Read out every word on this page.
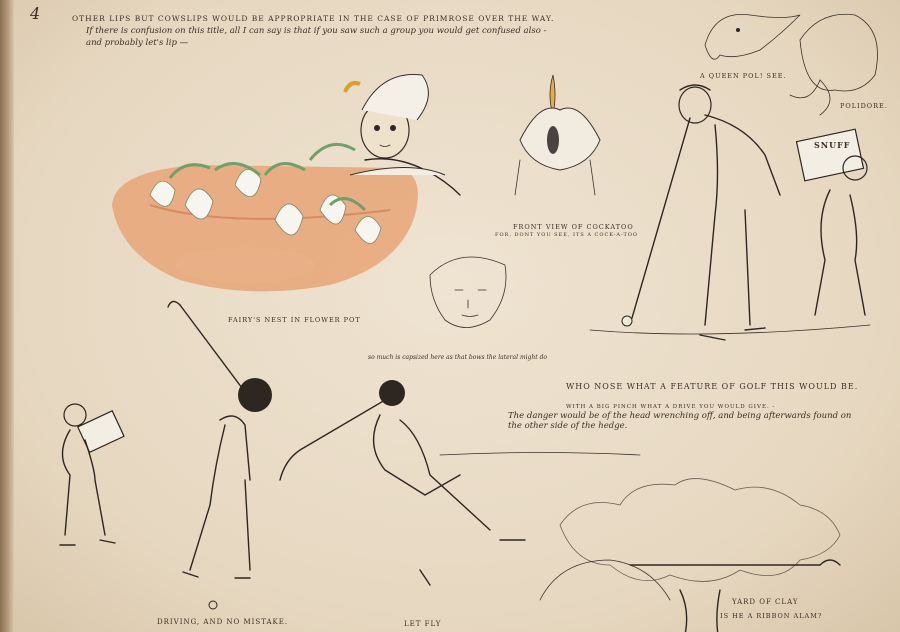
4	OTHER LIPS BUT COWSLIPS WOULD BE APPROPRIATE IN THE CASE OF PRIMROSE OVER THE WAY.
If there is confusion on this title, all I can say is that if you saw such a group you would get confused also -
and probably let's lip —
FAIRY'S NEST IN FLOWER POT
FRONT VIEW OF COCKATOO
FOR, DONT YOU SEE, ITS A COCK-A-TOO
A QUEEN POL! SEE.
POLIDORE.
SNUFF
so much is capsized here as that bows the lateral might do
WHO NOSE WHAT A FEATURE OF GOLF THIS WOULD BE.
WITH A BIG PINCH WHAT A DRIVE YOU WOULD GIVE. -
The danger would be of the head wrenching off, and being afterwards found on
the other side of the hedge.
DRIVING, AND NO MISTAKE.	LET FLY
YARD OF CLAY
IS HE A RIBBON ALAM?
